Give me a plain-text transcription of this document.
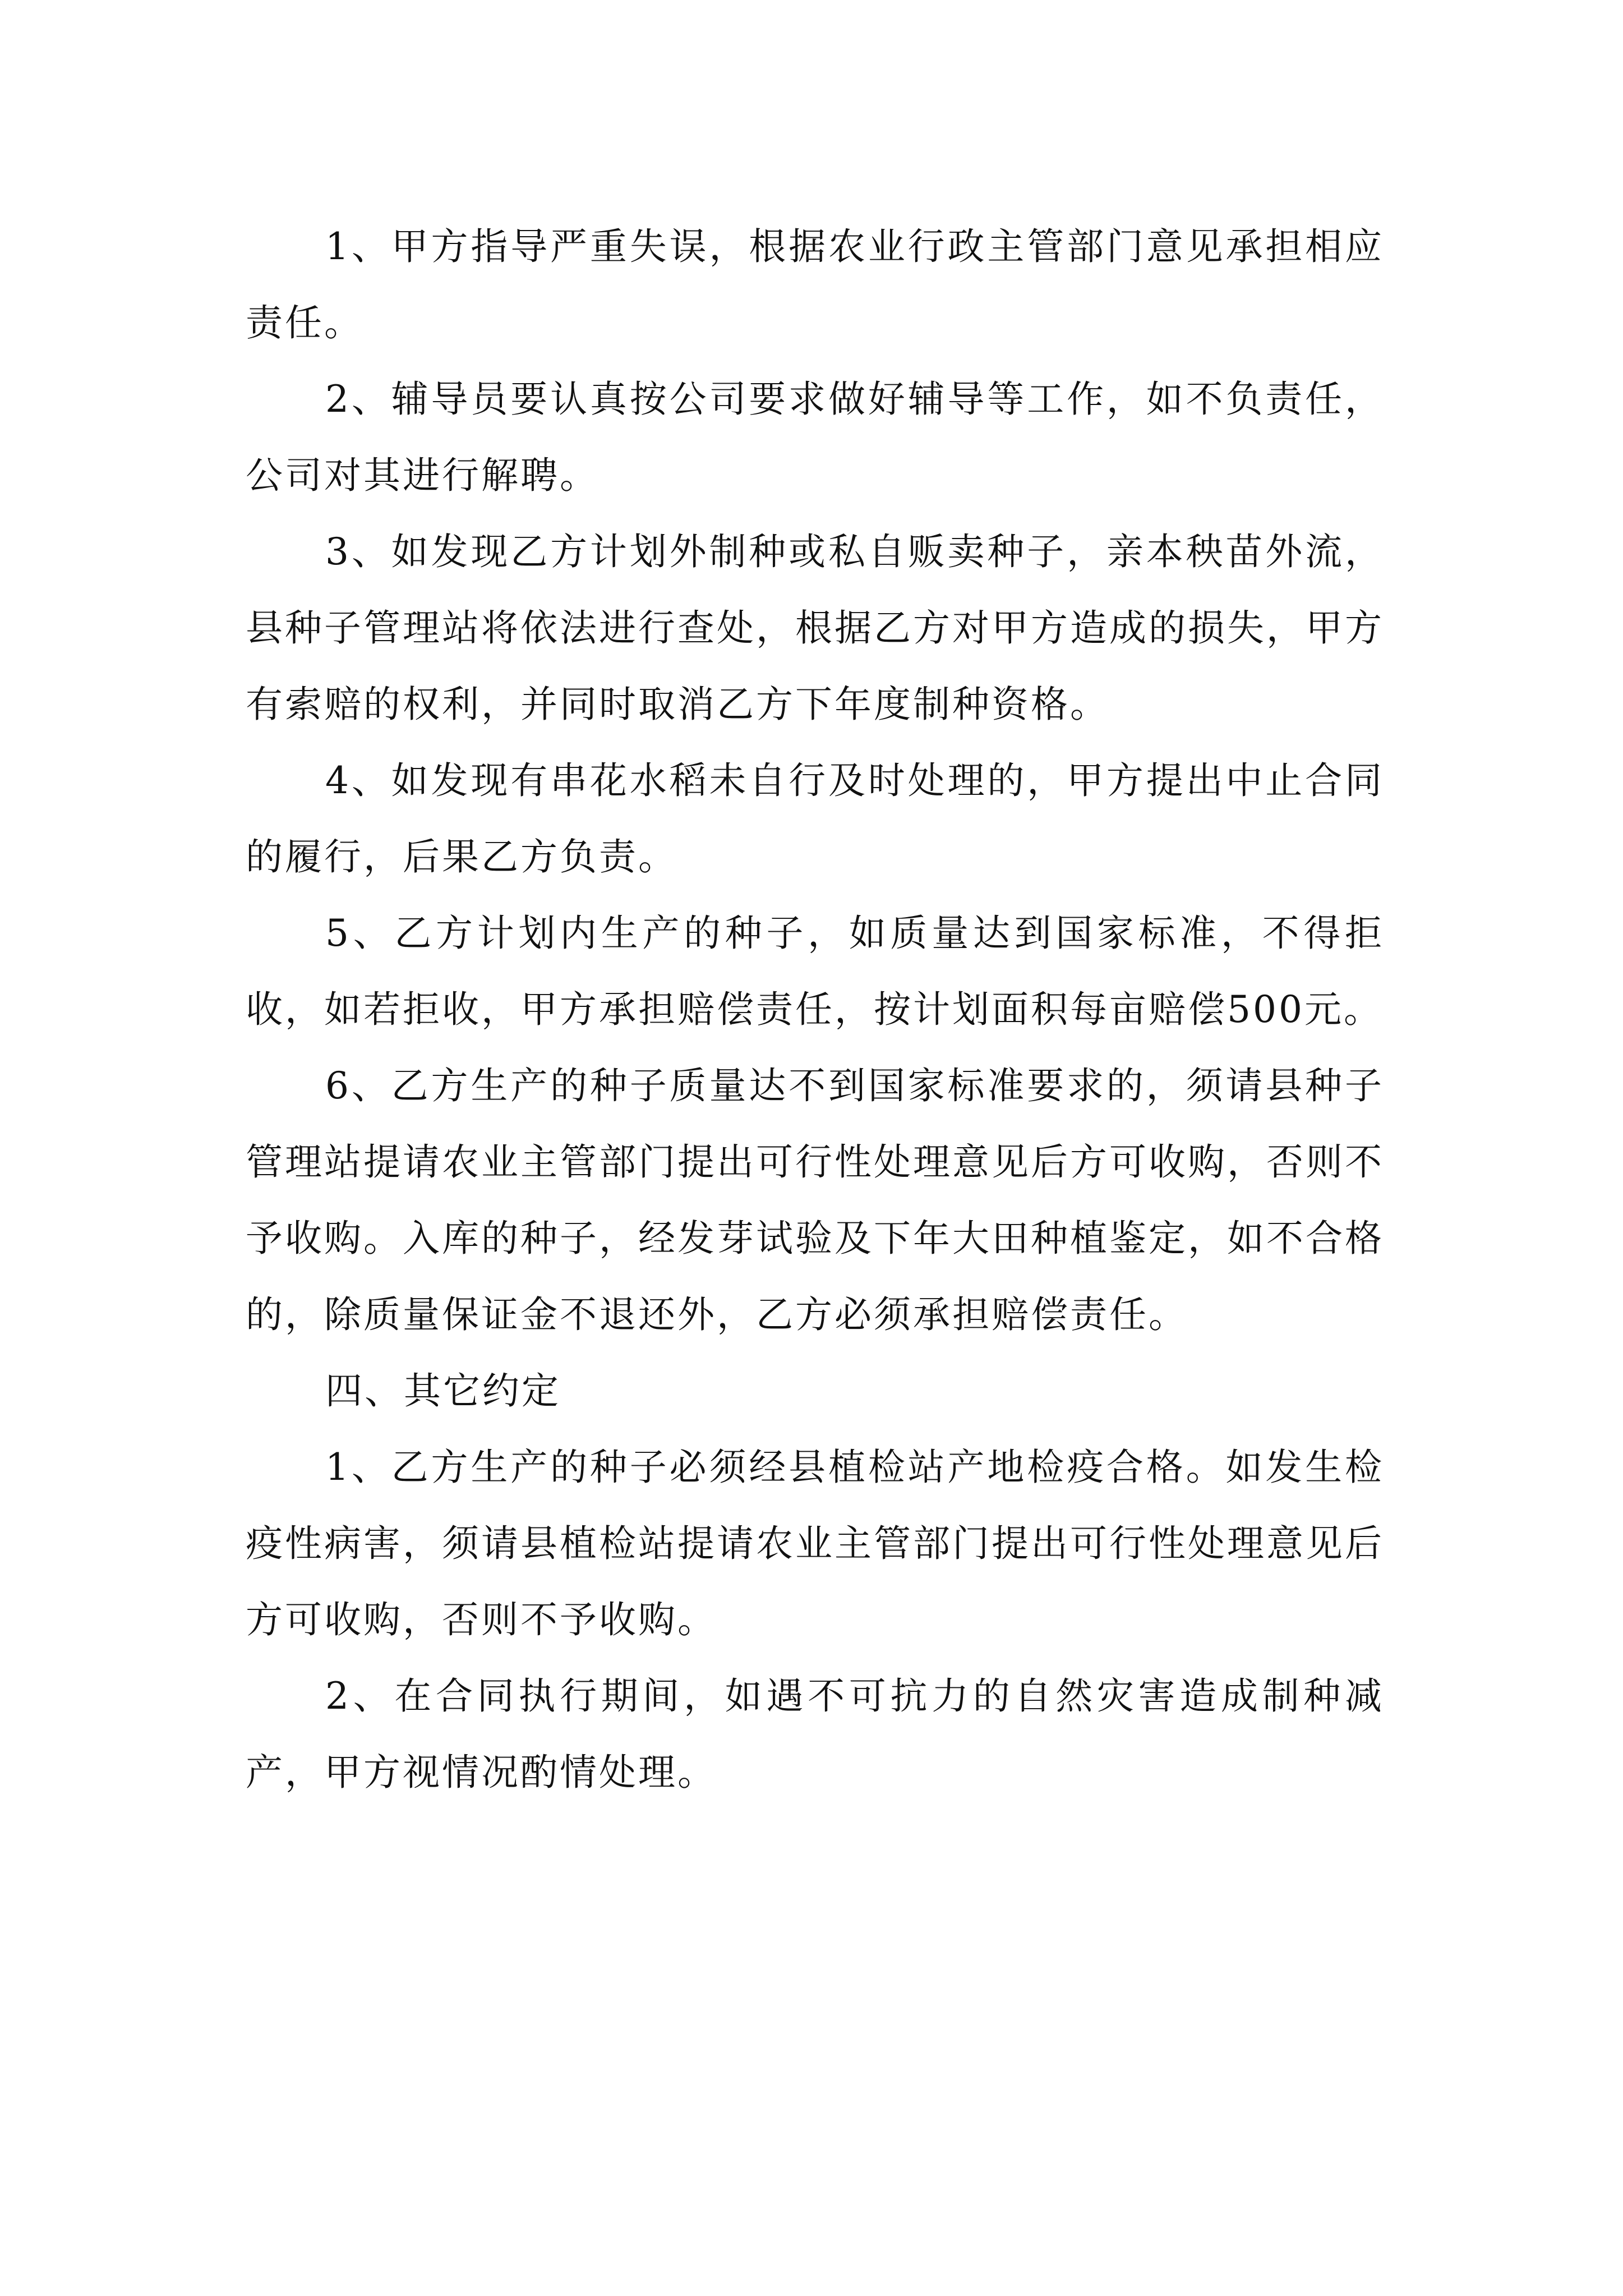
1、甲方指导严重失误，根据农业行政主管部门意见承担相应责任。

2、辅导员要认真按公司要求做好辅导等工作，如不负责任，公司对其进行解聘。

3、如发现乙方计划外制种或私自贩卖种子，亲本秧苗外流，县种子管理站将依法进行查处，根据乙方对甲方造成的损失，甲方有索赔的权利，并同时取消乙方下年度制种资格。

4、如发现有串花水稻未自行及时处理的，甲方提出中止合同的履行，后果乙方负责。

5、乙方计划内生产的种子，如质量达到国家标准，不得拒收，如若拒收，甲方承担赔偿责任，按计划面积每亩赔偿500元。

6、乙方生产的种子质量达不到国家标准要求的，须请县种子管理站提请农业主管部门提出可行性处理意见后方可收购，否则不予收购。入库的种子，经发芽试验及下年大田种植鉴定，如不合格的，除质量保证金不退还外，乙方必须承担赔偿责任。

四、其它约定

1、乙方生产的种子必须经县植检站产地检疫合格。如发生检疫性病害，须请县植检站提请农业主管部门提出可行性处理意见后方可收购，否则不予收购。

2、在合同执行期间，如遇不可抗力的自然灾害造成制种减产，甲方视情况酌情处理。
